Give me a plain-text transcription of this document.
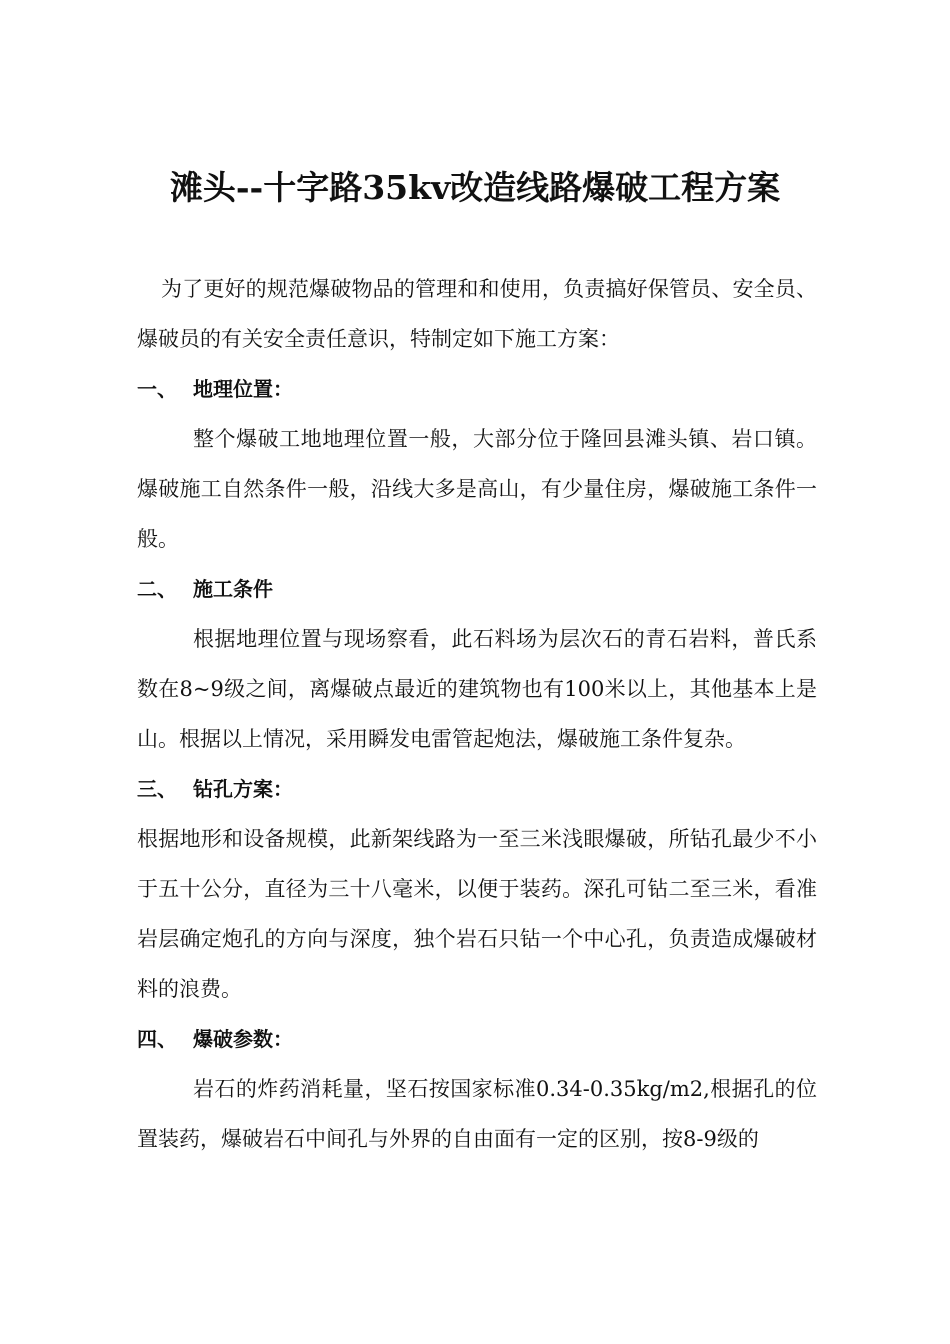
滩头--十字路35kv改造线路爆破工程方案

为了更好的规范爆破物品的管理和和使用，负责搞好保管员、安全员、爆破员的有关安全责任意识，特制定如下施工方案：

一、 地理位置：

整个爆破工地地理位置一般，大部分位于隆回县滩头镇、岩口镇。爆破施工自然条件一般，沿线大多是高山，有少量住房，爆破施工条件一般。

二、 施工条件

根据地理位置与现场察看，此石料场为层次石的青石岩料，普氏系数在8~9级之间，离爆破点最近的建筑物也有100米以上，其他基本上是山。根据以上情况，采用瞬发电雷管起炮法，爆破施工条件复杂。

三、 钻孔方案：

根据地形和设备规模，此新架线路为一至三米浅眼爆破，所钻孔最少不小于五十公分，直径为三十八毫米，以便于装药。深孔可钻二至三米，看准岩层确定炮孔的方向与深度，独个岩石只钻一个中心孔，负责造成爆破材料的浪费。

四、 爆破参数：

岩石的炸药消耗量，坚石按国家标准0.34-0.35kg/m2,根据孔的位置装药，爆破岩石中间孔与外界的自由面有一定的区别，按8-9级的
